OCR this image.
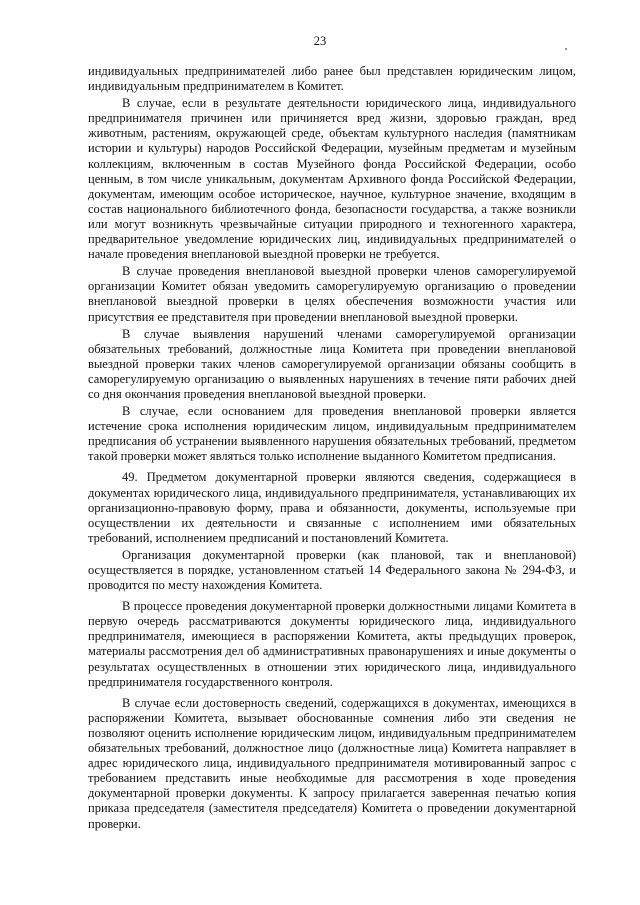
23

индивидуальных предпринимателей либо ранее был представлен юридическим лицом, индивидуальным предпринимателем в Комитет.

В случае, если в результате деятельности юридического лица, индивидуального предпринимателя причинен или причиняется вред жизни, здоровью граждан, вред животным, растениям, окружающей среде, объектам культурного наследия (памятникам истории и культуры) народов Российской Федерации, музейным предметам и музейным коллекциям, включенным в состав Музейного фонда Российской Федерации, особо ценным, в том числе уникальным, документам Архивного фонда Российской Федерации, документам, имеющим особое историческое, научное, культурное значение, входящим в состав национального библиотечного фонда, безопасности государства, а также возникли или могут возникнуть чрезвычайные ситуации природного и техногенного характера, предварительное уведомление юридических лиц, индивидуальных предпринимателей о начале проведения внеплановой выездной проверки не требуется.

В случае проведения внеплановой выездной проверки членов саморегулируемой организации Комитет обязан уведомить саморегулируемую организацию о проведении внеплановой выездной проверки в целях обеспечения возможности участия или присутствия ее представителя при проведении внеплановой выездной проверки.

В случае выявления нарушений членами саморегулируемой организации обязательных требований, должностные лица Комитета при проведении внеплановой выездной проверки таких членов саморегулируемой организации обязаны сообщить в саморегулируемую организацию о выявленных нарушениях в течение пяти рабочих дней со дня окончания проведения внеплановой выездной проверки.

В случае, если основанием для проведения внеплановой проверки является истечение срока исполнения юридическим лицом, индивидуальным предпринимателем предписания об устранении выявленного нарушения обязательных требований, предметом такой проверки может являться только исполнение выданного Комитетом предписания.

49. Предметом документарной проверки являются сведения, содержащиеся в документах юридического лица, индивидуального предпринимателя, устанавливающих их организационно-правовую форму, права и обязанности, документы, используемые при осуществлении их деятельности и связанные с исполнением ими обязательных требований, исполнением предписаний и постановлений Комитета.

Организация документарной проверки (как плановой, так и внеплановой) осуществляется в порядке, установленном статьей 14 Федерального закона № 294-ФЗ, и проводится по месту нахождения Комитета.

В процессе проведения документарной проверки должностными лицами Комитета в первую очередь рассматриваются документы юридического лица, индивидуального предпринимателя, имеющиеся в распоряжении Комитета, акты предыдущих проверок, материалы рассмотрения дел об административных правонарушениях и иные документы о результатах осуществленных в отношении этих юридического лица, индивидуального предпринимателя государственного контроля.

В случае если достоверность сведений, содержащихся в документах, имеющихся в распоряжении Комитета, вызывает обоснованные сомнения либо эти сведения не позволяют оценить исполнение юридическим лицом, индивидуальным предпринимателем обязательных требований, должностное лицо (должностные лица) Комитета направляет в адрес юридического лица, индивидуального предпринимателя мотивированный запрос с требованием представить иные необходимые для рассмотрения в ходе проведения документарной проверки документы. К запросу прилагается заверенная печатью копия приказа председателя (заместителя председателя) Комитета о проведении документарной проверки.
